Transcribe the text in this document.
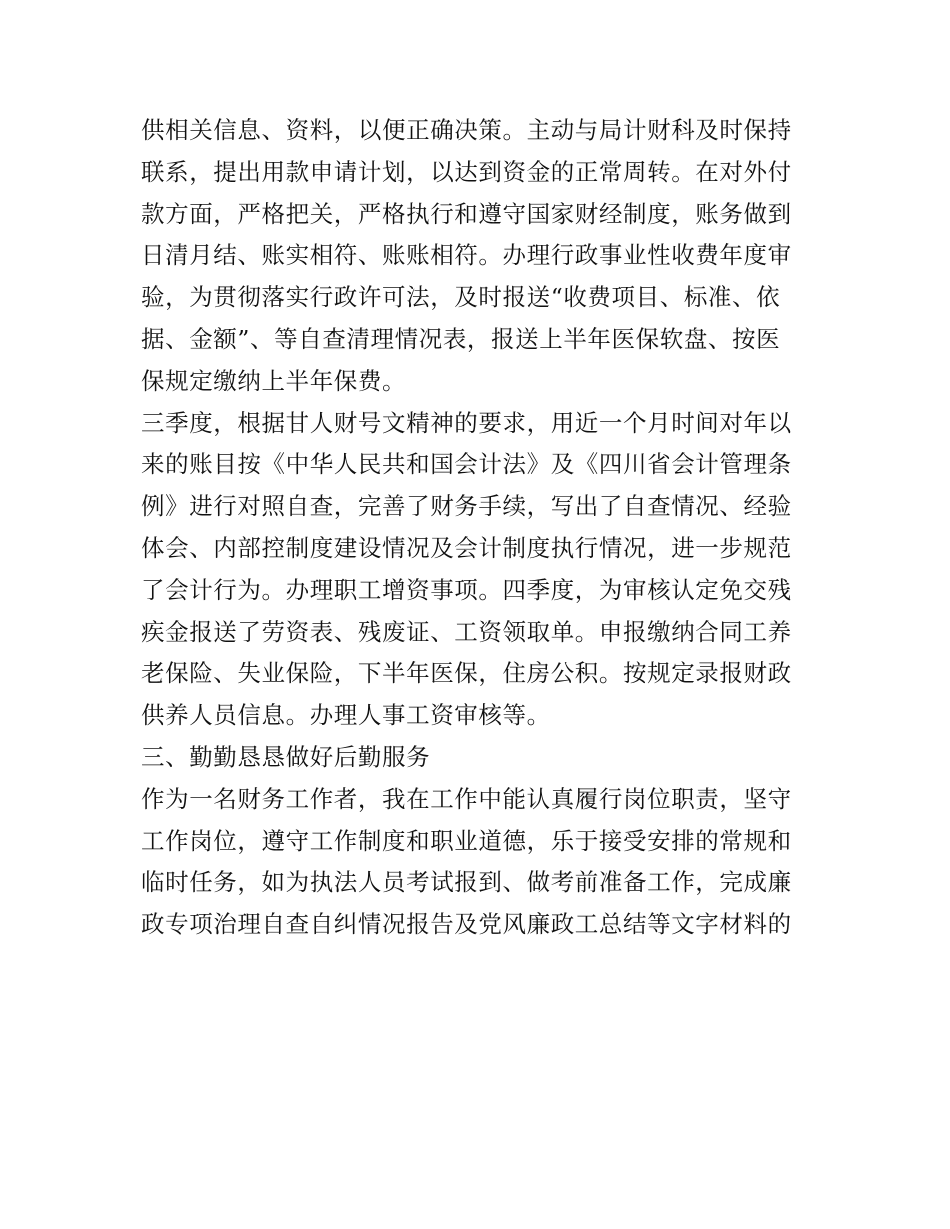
供相关信息、资料，以便正确决策。主动与局计财科及时保持
联系，提出用款申请计划，以达到资金的正常周转。在对外付
款方面，严格把关，严格执行和遵守国家财经制度，账务做到
日清月结、账实相符、账账相符。办理行政事业性收费年度审
验，为贯彻落实行政许可法，及时报送“收费项目、标准、依
据、金额”、等自查清理情况表，报送上半年医保软盘、按医
保规定缴纳上半年保费。
三季度，根据甘人财号文精神的要求，用近一个月时间对年以
来的账目按《中华人民共和国会计法》及《四川省会计管理条
例》进行对照自查，完善了财务手续，写出了自查情况、经验
体会、内部控制度建设情况及会计制度执行情况，进一步规范
了会计行为。办理职工增资事项。四季度，为审核认定免交残
疾金报送了劳资表、残废证、工资领取单。申报缴纳合同工养
老保险、失业保险，下半年医保，住房公积。按规定录报财政
供养人员信息。办理人事工资审核等。
三、勤勤恳恳做好后勤服务
作为一名财务工作者，我在工作中能认真履行岗位职责，坚守
工作岗位，遵守工作制度和职业道德，乐于接受安排的常规和
临时任务，如为执法人员考试报到、做考前准备工作，完成廉
政专项治理自查自纠情况报告及党风廉政工总结等文字材料的
